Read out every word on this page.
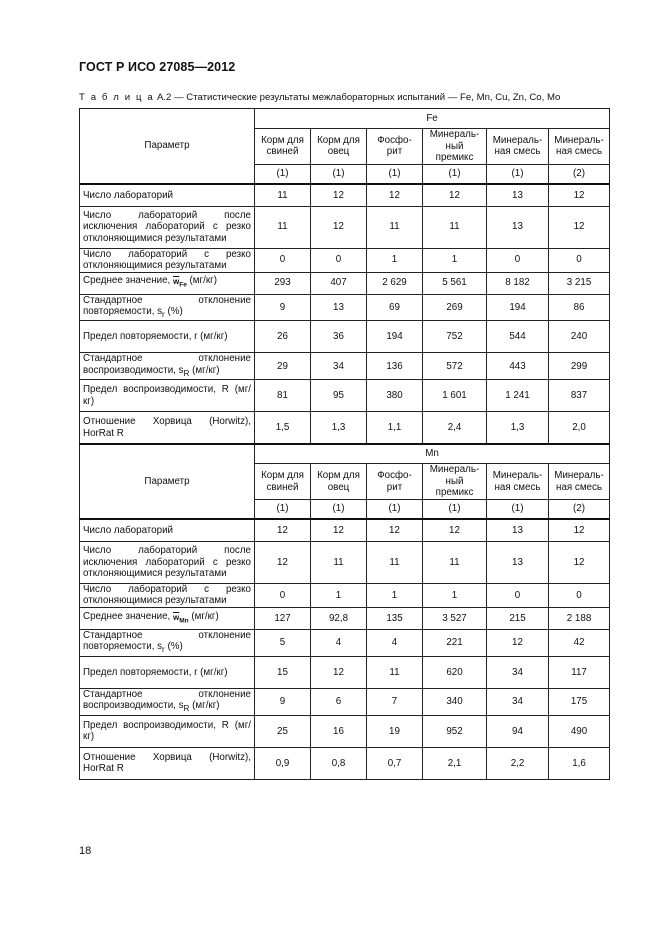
ГОСТ Р ИСО 27085—2012
Т а б л и ц а А.2 — Статистические результаты межлабораторных испытаний — Fe, Mn, Cu, Zn, Co, Mo
Параметр	Fe					
	Корм для свиней	Корм для овец	Фосфо-рит	Минераль-ный премикс	Минераль-ная смесь	Минераль-ная смесь
	(1)	(1)	(1)	(1)	(1)	(2)
Число лабораторий	11	12	12	12	13	12
Число лабораторий после исключения лабораторий с резко отклоняющимися результатами	11	12	11	11	13	12
Число лабораторий с резко отклоняющимися результатами	0	0	1	1	0	0
Среднее значение, $\overline{w}_{Fe}$ (мг/кг)	293	407	2 629	5 561	8 182	3 215
Стандартное отклонение повторяемости, $s_r$ (%)	9	13	69	269	194	86
Предел повторяемости, r (мг/кг)	26	36	194	752	544	240
Стандартное отклонение воспроизводимости, $s_R$ (мг/кг)	29	34	136	572	443	299
Предел воспроизводимости, R (мг/кг)	81	95	380	1 601	1 241	837
Отношение Хорвица (Horwitz), HorRat R	1,5	1,3	1,1	2,4	1,3	2,0
Параметр	Mn					
	Корм для свиней	Корм для овец	Фосфо-рит	Минераль-ный премикс	Минераль-ная смесь	Минераль-ная смесь
	(1)	(1)	(1)	(1)	(1)	(2)
Число лабораторий	12	12	12	12	13	12
Число лабораторий после исключения лабораторий с резко отклоняющимися результатами	12	11	11	11	13	12
Число лабораторий с резко отклоняющимися результатами	0	1	1	1	0	0
Среднее значение, $\overline{w}_{Mn}$ (мг/кг)	127	92,8	135	3 527	215	2 188
Стандартное отклонение повторяемости, $s_r$ (%)	5	4	4	221	12	42
Предел повторяемости, r (мг/кг)	15	12	11	620	34	117
Стандартное отклонение воспроизводимости, $s_R$ (мг/кг)	9	6	7	340	34	175
Предел воспроизводимости, R (мг/кг)	25	16	19	952	94	490
Отношение Хорвица (Horwitz), HorRat R	0,9	0,8	0,7	2,1	2,2	1,6
18
